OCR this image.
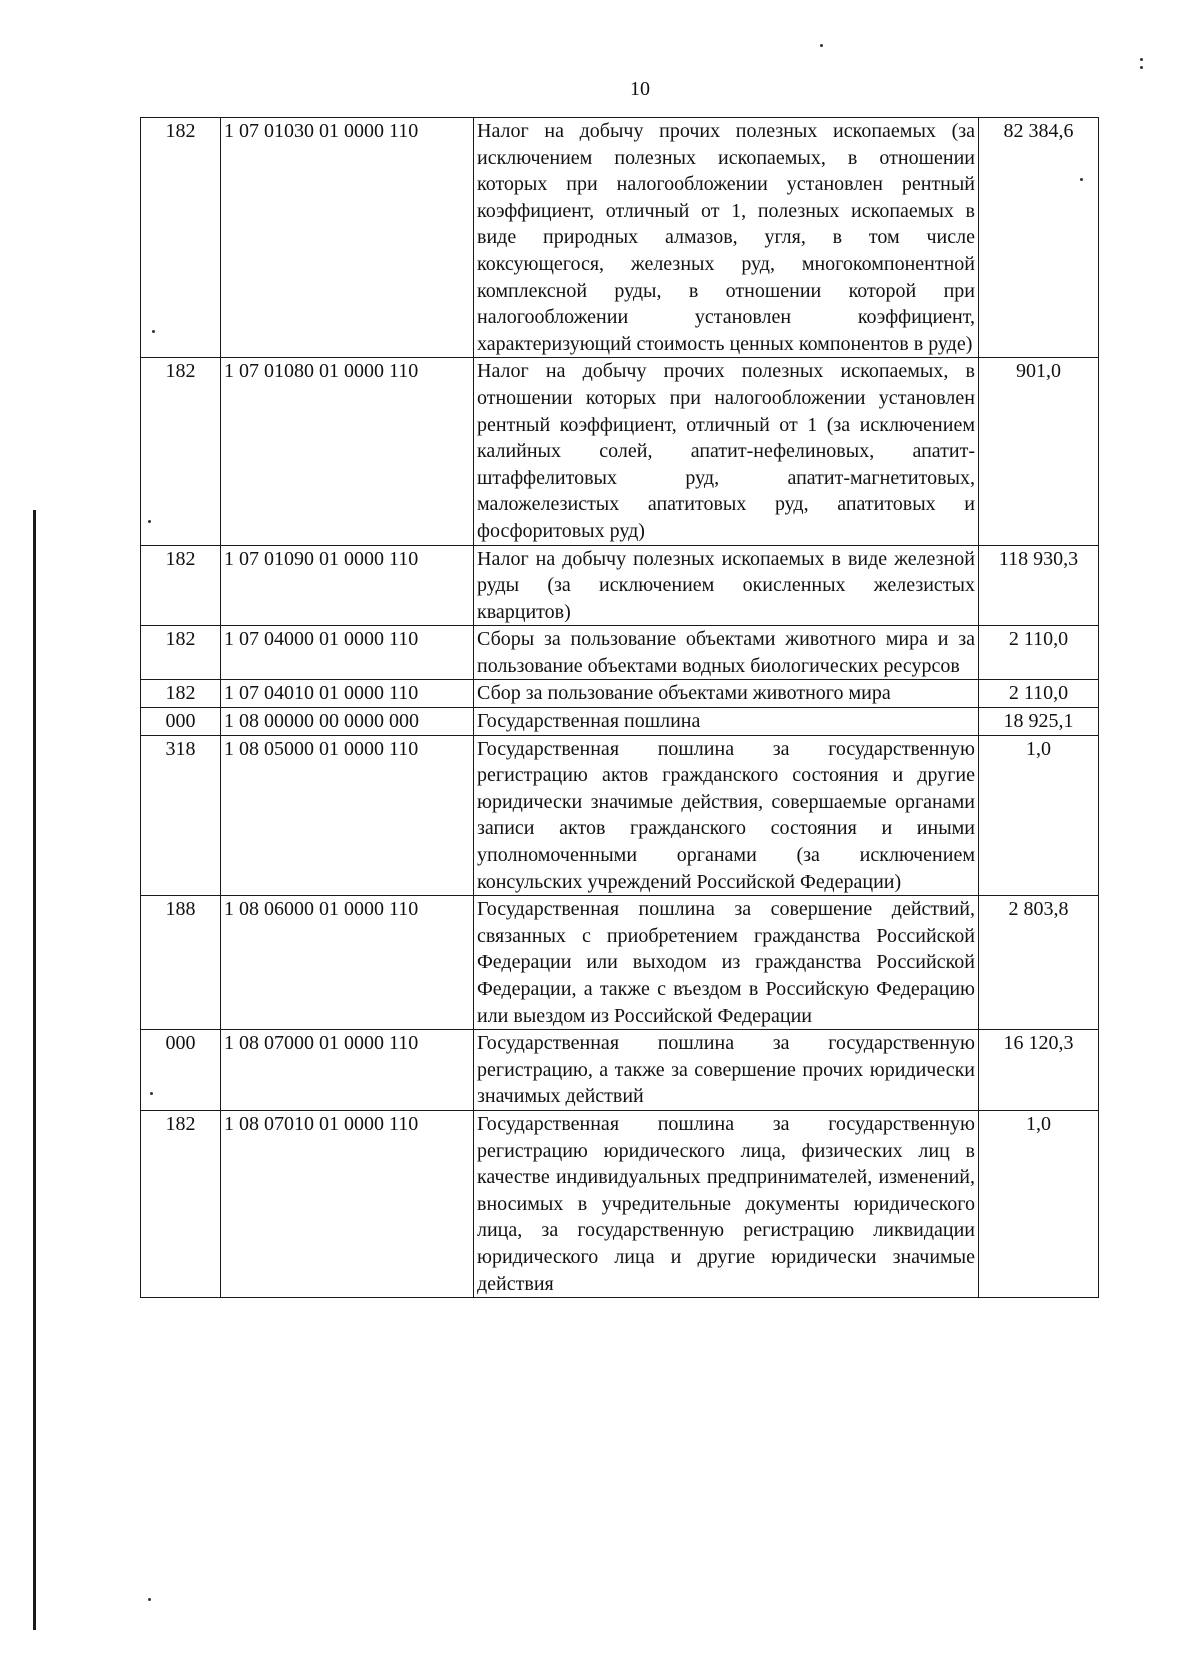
10
182	1 07 01030 01 0000 110	Налог на добычу прочих полезных ископаемых (за исключением полезных ископаемых, в отношении которых при налогообложении установлен рентный коэффициент, отличный от 1, полезных ископаемых в виде природных алмазов, угля, в том числе коксующегося, железных руд, многокомпонентной комплексной руды, в отношении которой при налогообложении установлен коэффициент, характеризующий стоимость ценных компонентов в руде)	82 384,6
182	1 07 01080 01 0000 110	Налог на добычу прочих полезных ископаемых, в отношении которых при налогообложении установлен рентный коэффициент, отличный от 1 (за исключением калийных солей, апатит-нефелиновых, апатит-штаффелитовых руд, апатит-магнетитовых, маложелезистых апатитовых руд, апатитовых и фосфоритовых руд)	901,0
182	1 07 01090 01 0000 110	Налог на добычу полезных ископаемых в виде железной руды (за исключением окисленных железистых кварцитов)	118 930,3
182	1 07 04000 01 0000 110	Сборы за пользование объектами животного мира и за пользование объектами водных биологических ресурсов	2 110,0
182	1 07 04010 01 0000 110	Сбор за пользование объектами животного мира	2 110,0
000	1 08 00000 00 0000 000	Государственная пошлина	18 925,1
318	1 08 05000 01 0000 110	Государственная пошлина за государственную регистрацию актов гражданского состояния и другие юридически значимые действия, совершаемые органами записи актов гражданского состояния и иными уполномоченными органами (за исключением консульских учреждений Российской Федерации)	1,0
188	1 08 06000 01 0000 110	Государственная пошлина за совершение действий, связанных с приобретением гражданства Российской Федерации или выходом из гражданства Российской Федерации, а также с въездом в Российскую Федерацию или выездом из Российской Федерации	2 803,8
000	1 08 07000 01 0000 110	Государственная пошлина за государственную регистрацию, а также за совершение прочих юридически значимых действий	16 120,3
182	1 08 07010 01 0000 110	Государственная пошлина за государственную регистрацию юридического лица, физических лиц в качестве индивидуальных предпринимателей, изменений, вносимых в учредительные документы юридического лица, за государственную регистрацию ликвидации юридического лица и другие юридически значимые действия	1,0
